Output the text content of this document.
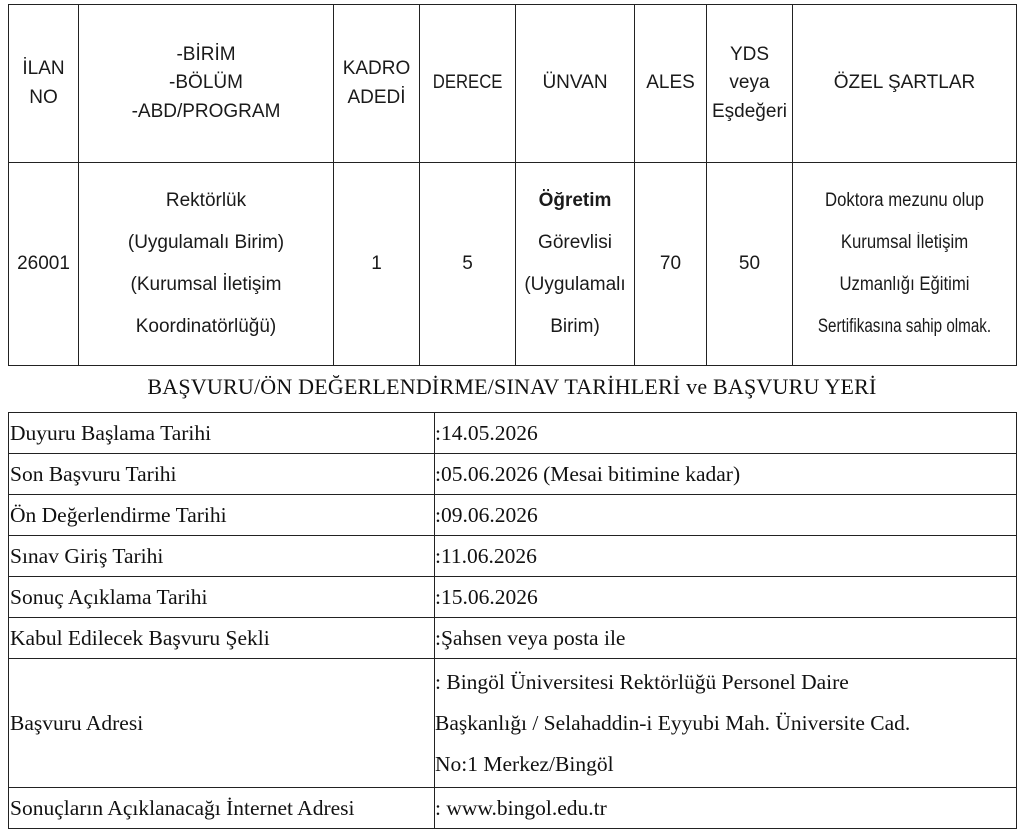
İLAN
NO	-BİRİM
-BÖLÜM
-ABD/PROGRAM	KADRO
ADEDİ	DERECE	ÜNVAN	ALES	YDS
veya
Eşdeğeri	ÖZEL ŞARTLAR
26001	Rektörlük
(Uygulamalı Birim)
(Kurumsal İletişim
Koordinatörlüğü)	1	5	Öğretim
Görevlisi
(Uygulamalı
Birim)	70	50	Doktora mezunu olup
Kurumsal İletişim
Uzmanlığı Eğitimi
Sertifikasına sahip olmak.
BAŞVURU/ÖN DEĞERLENDİRME/SINAV TARİHLERİ ve BAŞVURU YERİ
Duyuru Başlama Tarihi	:14.05.2026
Son Başvuru Tarihi	:05.06.2026 (Mesai bitimine kadar)
Ön Değerlendirme Tarihi	:09.06.2026
Sınav Giriş Tarihi	:11.06.2026
Sonuç Açıklama Tarihi	:15.06.2026
Kabul Edilecek Başvuru Şekli	:Şahsen veya posta ile
Başvuru Adresi	: Bingöl Üniversitesi Rektörlüğü Personel Daire
Başkanlığı / Selahaddin-i Eyyubi Mah. Üniversite Cad.
No:1 Merkez/Bingöl

Sonuçların Açıklanacağı İnternet Adresi	: www.bingol.edu.tr
